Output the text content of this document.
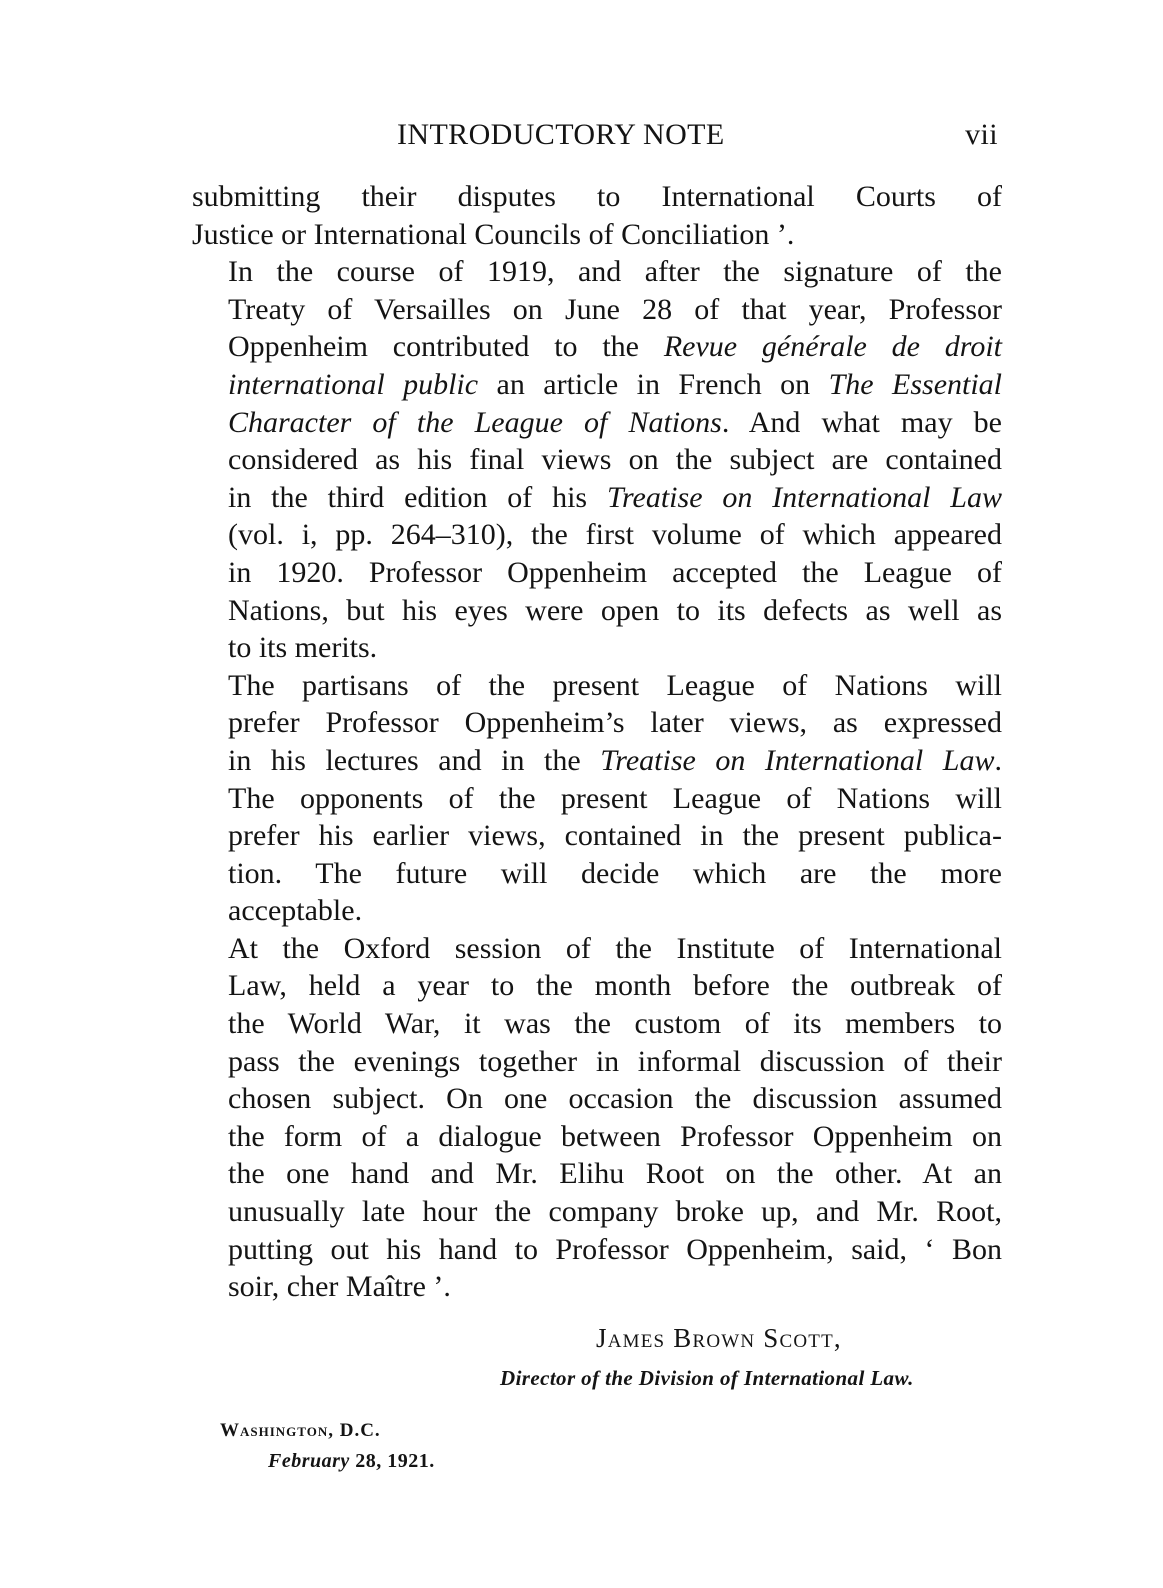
INTRODUCTORY NOTE	vii

submitting their disputes to International Courts of
Justice or International Councils of Conciliation ’.

In the course of 1919, and after the signature of the
Treaty of Versailles on June 28 of that year, Professor
Oppenheim contributed to the Revue générale de droit
international public an article in French on The Essential
Character of the League of Nations. And what may be
considered as his final views on the subject are contained
in the third edition of his Treatise on International Law
(vol. i, pp. 264–310), the first volume of which appeared
in 1920. Professor Oppenheim accepted the League of
Nations, but his eyes were open to its defects as well as
to its merits.

The partisans of the present League of Nations will
prefer Professor Oppenheim’s later views, as expressed
in his lectures and in the Treatise on International Law.
The opponents of the present League of Nations will
prefer his earlier views, contained in the present publica-
tion. The future will decide which are the more
acceptable.

At the Oxford session of the Institute of International
Law, held a year to the month before the outbreak of
the World War, it was the custom of its members to
pass the evenings together in informal discussion of their
chosen subject. On one occasion the discussion assumed
the form of a dialogue between Professor Oppenheim on
the one hand and Mr. Elihu Root on the other. At an
unusually late hour the company broke up, and Mr. Root,
putting out his hand to Professor Oppenheim, said, ‘ Bon
soir, cher Maître ’.

James Brown Scott,
Director of the Division of International Law.
Washington, D.C.
February 28, 1921.
